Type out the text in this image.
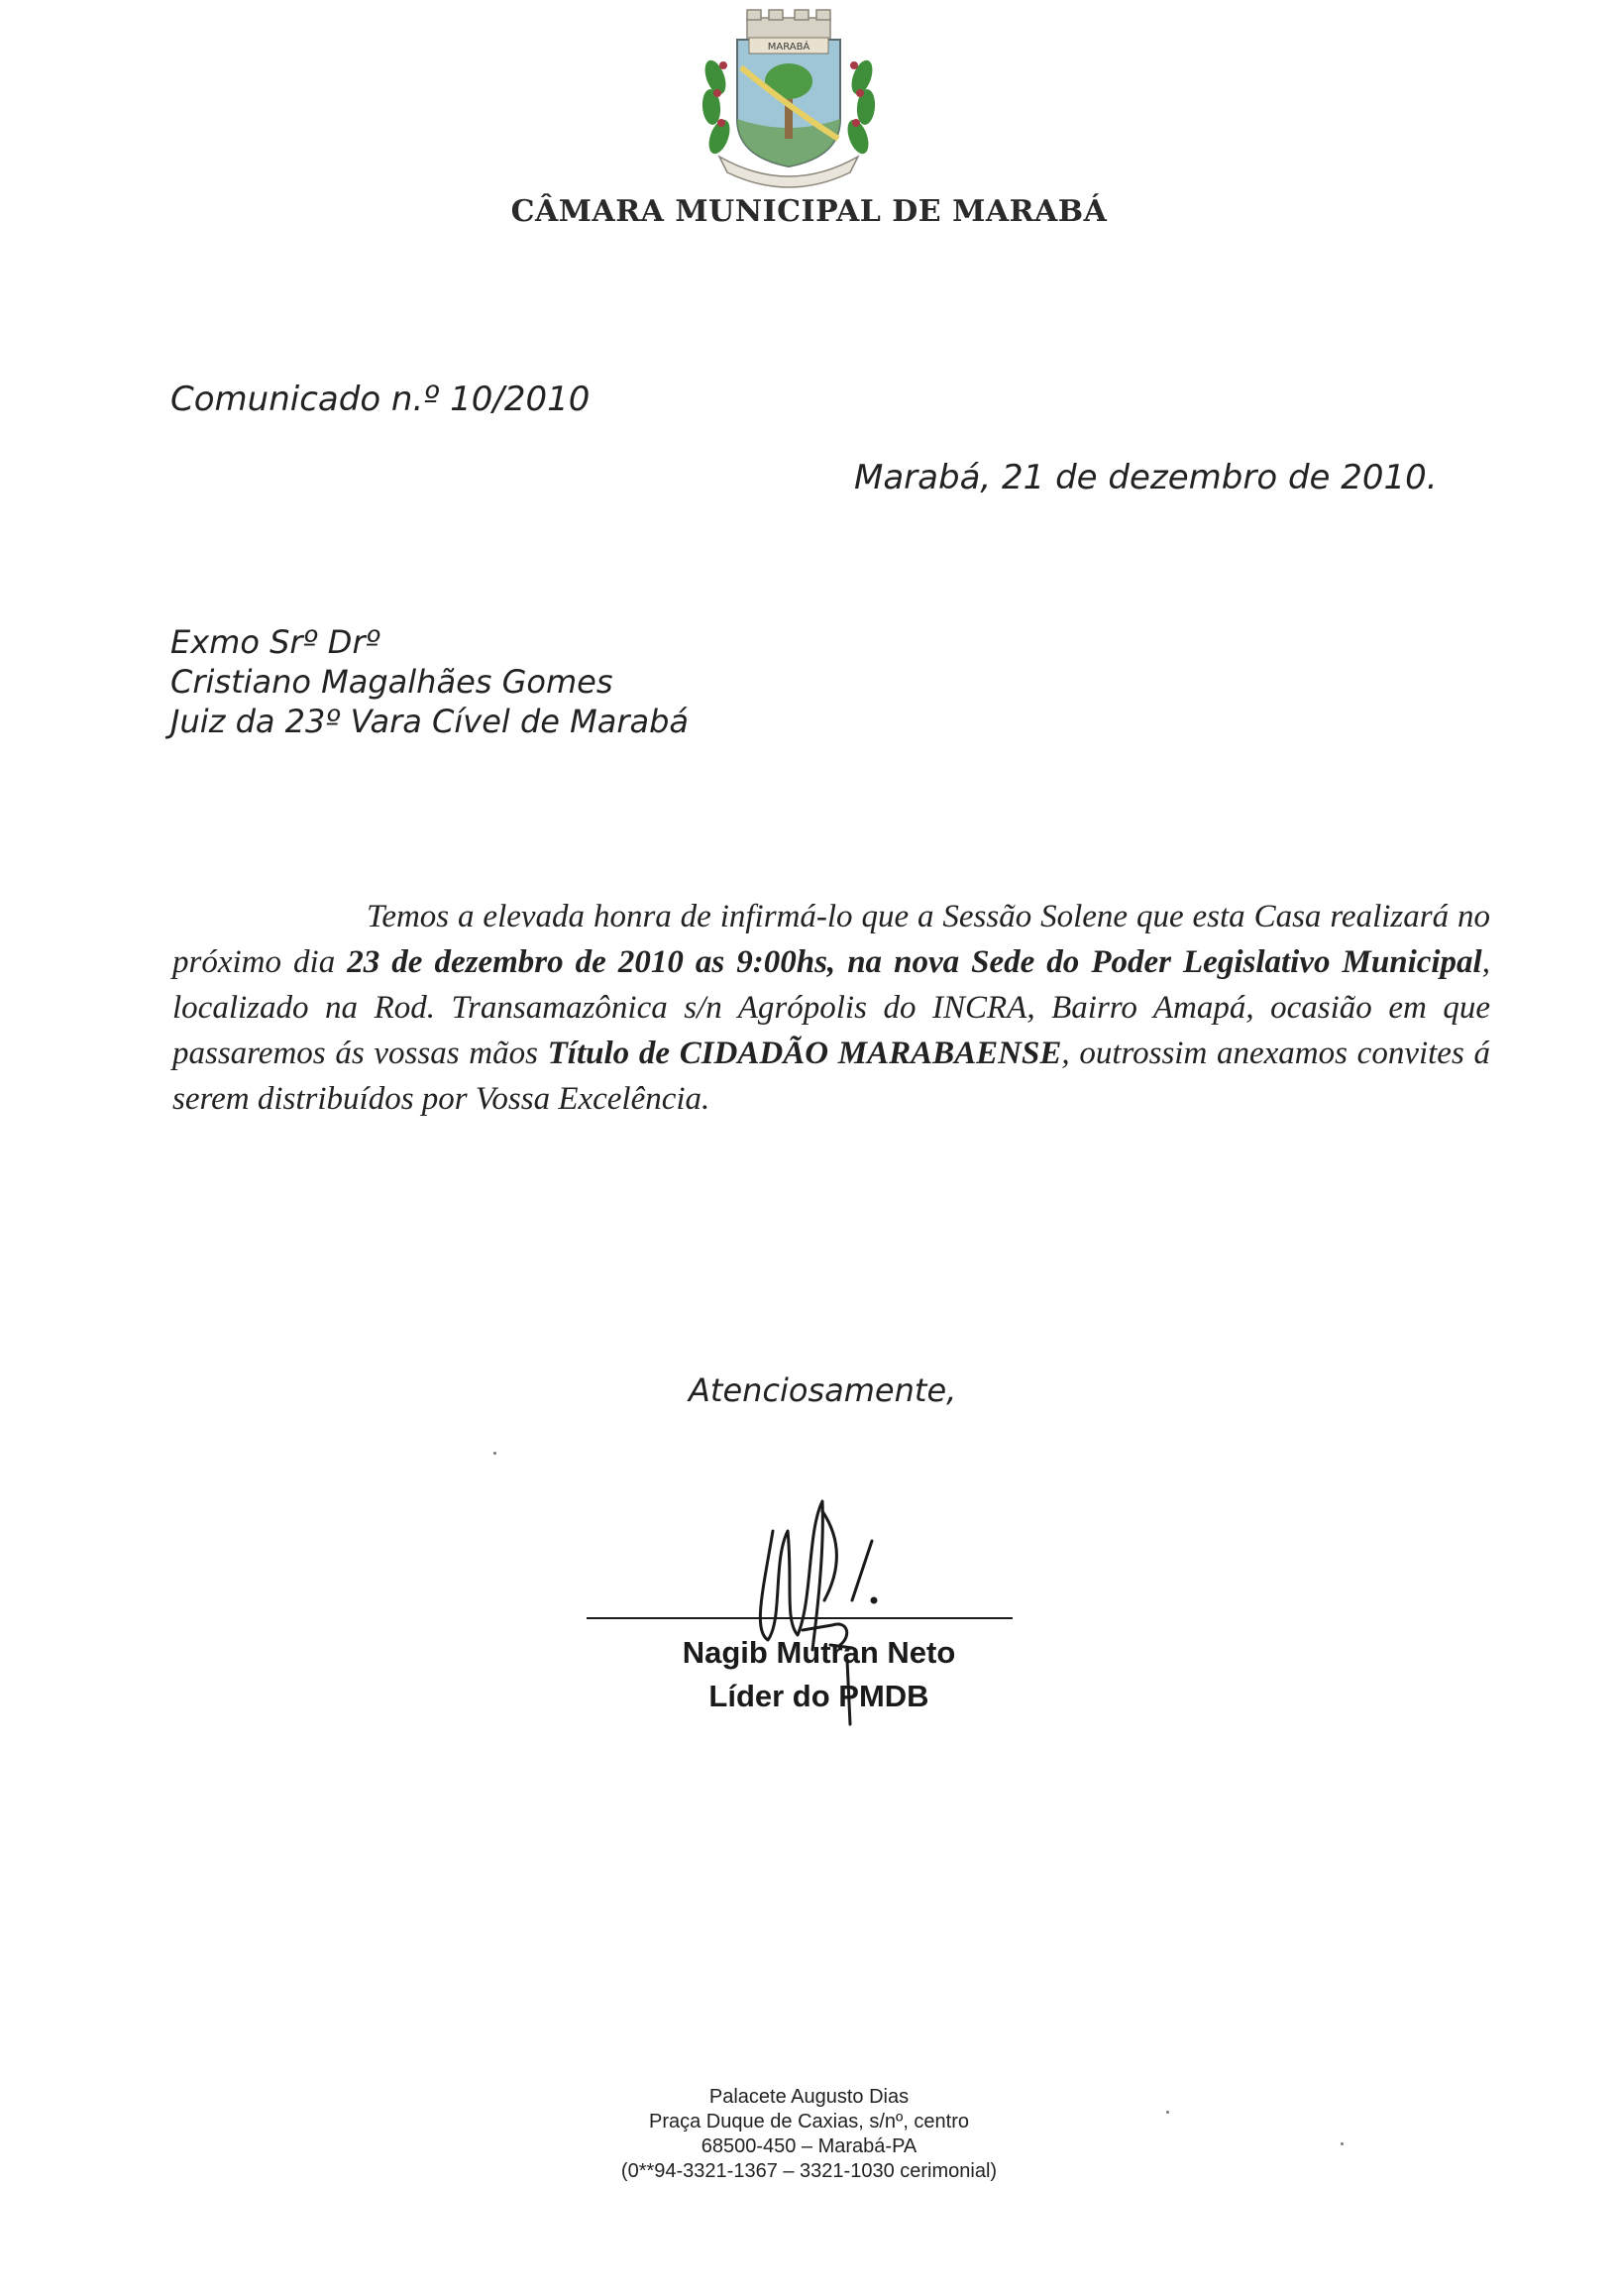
MARABÁ
CÂMARA MUNICIPAL DE MARABÁ
Comunicado n.º 10/2010
Marabá, 21 de dezembro de 2010.
Exmo Srº Drº
Cristiano Magalhães Gomes
Juiz da 23º Vara Cível de Marabá
Temos a elevada honra de infirmá-lo que a Sessão Solene que esta Casa realizará no próximo dia 23 de dezembro de 2010 as 9:00hs, na nova Sede do Poder Legislativo Municipal, localizado na Rod. Transamazônica s/n Agrópolis do INCRA, Bairro Amapá, ocasião em que passaremos ás vossas mãos Título de CIDADÃO MARABAENSE, outrossim anexamos convites á serem distribuídos por Vossa Excelência.
Atenciosamente,
Nagib Mutran Neto
Líder do PMDB
Palacete Augusto Dias
Praça Duque de Caxias, s/nº, centro
68500-450 – Marabá-PA
(0**94-3321-1367 – 3321-1030 cerimonial)
